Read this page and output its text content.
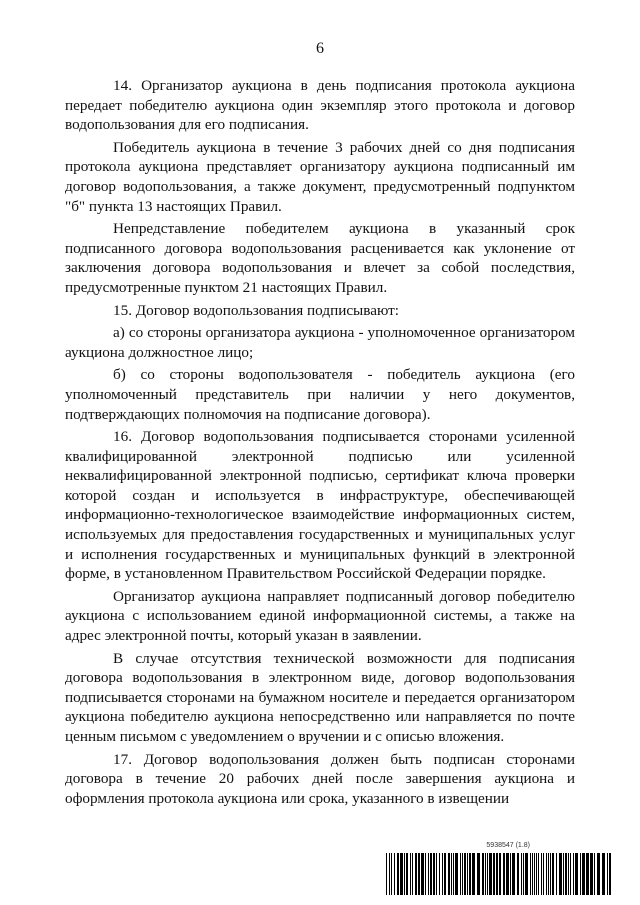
6

14. Организатор аукциона в день подписания протокола аукциона передает победителю аукциона один экземпляр этого протокола и договор водопользования для его подписания.

Победитель аукциона в течение 3 рабочих дней со дня подписания протокола аукциона представляет организатору аукциона подписанный им договор водопользования, а также документ, предусмотренный подпунктом "б" пункта 13 настоящих Правил.

Непредставление победителем аукциона в указанный срок подписанного договора водопользования расценивается как уклонение от заключения договора водопользования и влечет за собой последствия, предусмотренные пунктом 21 настоящих Правил.

15. Договор водопользования подписывают:

а) со стороны организатора аукциона - уполномоченное организатором аукциона должностное лицо;

б) со стороны водопользователя - победитель аукциона (его уполномоченный представитель при наличии у него документов, подтверждающих полномочия на подписание договора).

16. Договор водопользования подписывается сторонами усиленной квалифицированной электронной подписью или усиленной неквалифицированной электронной подписью, сертификат ключа проверки которой создан и используется в инфраструктуре, обеспечивающей информационно-технологическое взаимодействие информационных систем, используемых для предоставления государственных и муниципальных услуг и исполнения государственных и муниципальных функций в электронной форме, в установленном Правительством Российской Федерации порядке.

Организатор аукциона направляет подписанный договор победителю аукциона с использованием единой информационной системы, а также на адрес электронной почты, который указан в заявлении.

В случае отсутствия технической возможности для подписания договора водопользования в электронном виде, договор водопользования подписывается сторонами на бумажном носителе и передается организатором аукциона победителю аукциона непосредственно или направляется по почте ценным письмом с уведомлением о вручении и с описью вложения.

17. Договор водопользования должен быть подписан сторонами договора в течение 20 рабочих дней после завершения аукциона и оформления протокола аукциона или срока, указанного в извещении

5938547 (1.8)
